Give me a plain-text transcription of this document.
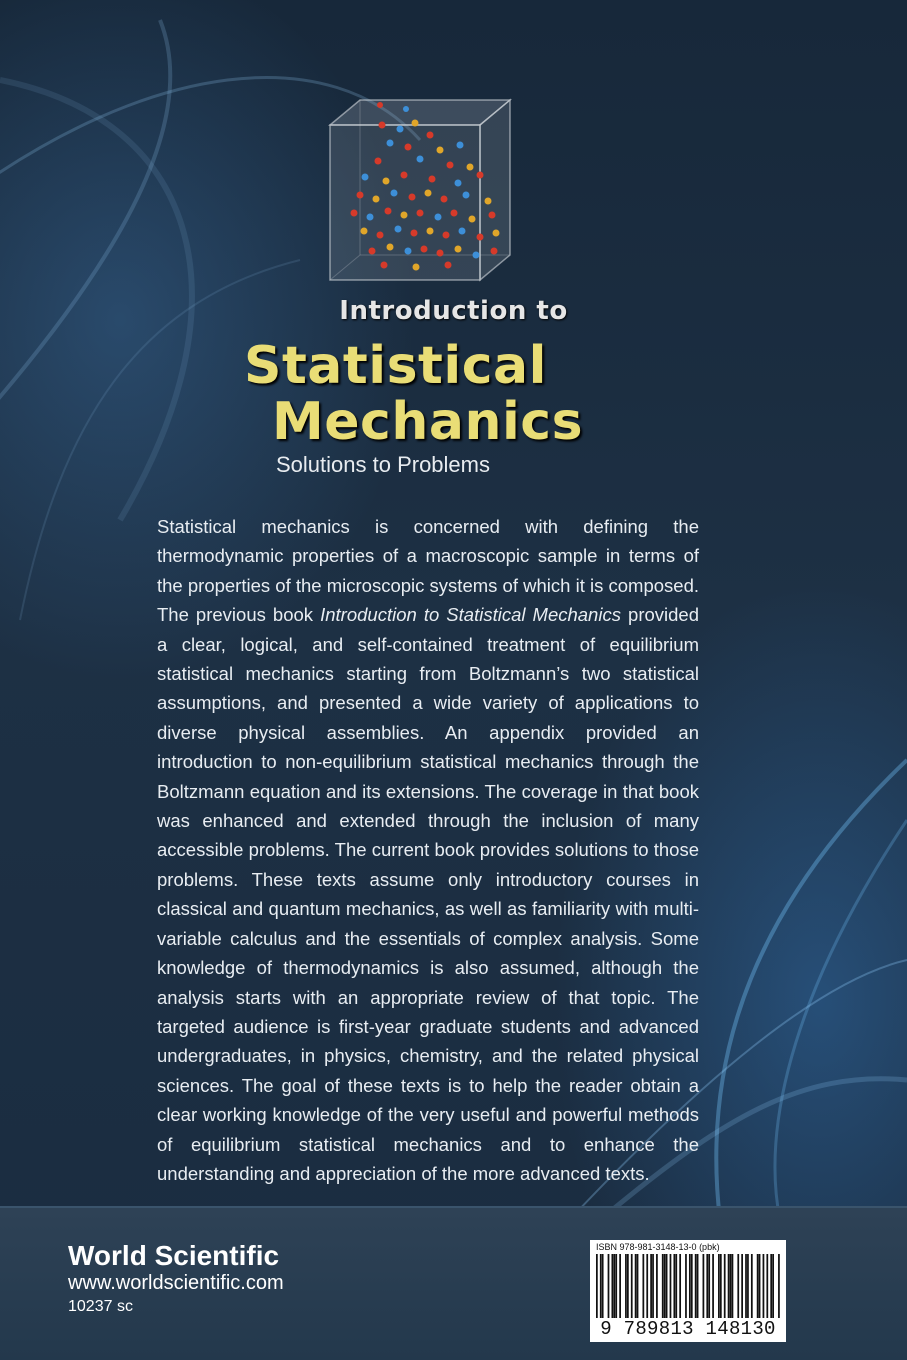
Introduction to
Statistical
Mechanics
Solutions to Problems

Statistical mechanics is concerned with defining the thermodynamic properties of a macroscopic sample in terms of the properties of the microscopic systems of which it is composed. The previous book Introduction to Statistical Mechanics provided a clear, logical, and self-contained treatment of equilibrium statistical mechanics starting from Boltzmann’s two statistical assumptions, and presented a wide variety of applications to diverse physical assemblies. An appendix provided an introduction to non-equilibrium statistical mechanics through the Boltzmann equation and its extensions. The coverage in that book was enhanced and extended through the inclusion of many accessible problems. The current book provides solutions to those problems. These texts assume only introductory courses in classical and quantum mechanics, as well as familiarity with multi-variable calculus and the essentials of complex analysis. Some knowledge of thermodynamics is also assumed, although the analysis starts with an appropriate review of that topic. The targeted audience is first-year graduate students and advanced undergraduates, in physics, chemistry, and the related physical sciences. The goal of these texts is to help the reader obtain a clear working knowledge of the very useful and powerful methods of equilibrium statistical mechanics and to enhance the understanding and appreciation of the more advanced texts.

World Scientific
www.worldscientific.com
10237 sc
ISBN 978-981-3148-13-0 (pbk)
9 789813 148130
